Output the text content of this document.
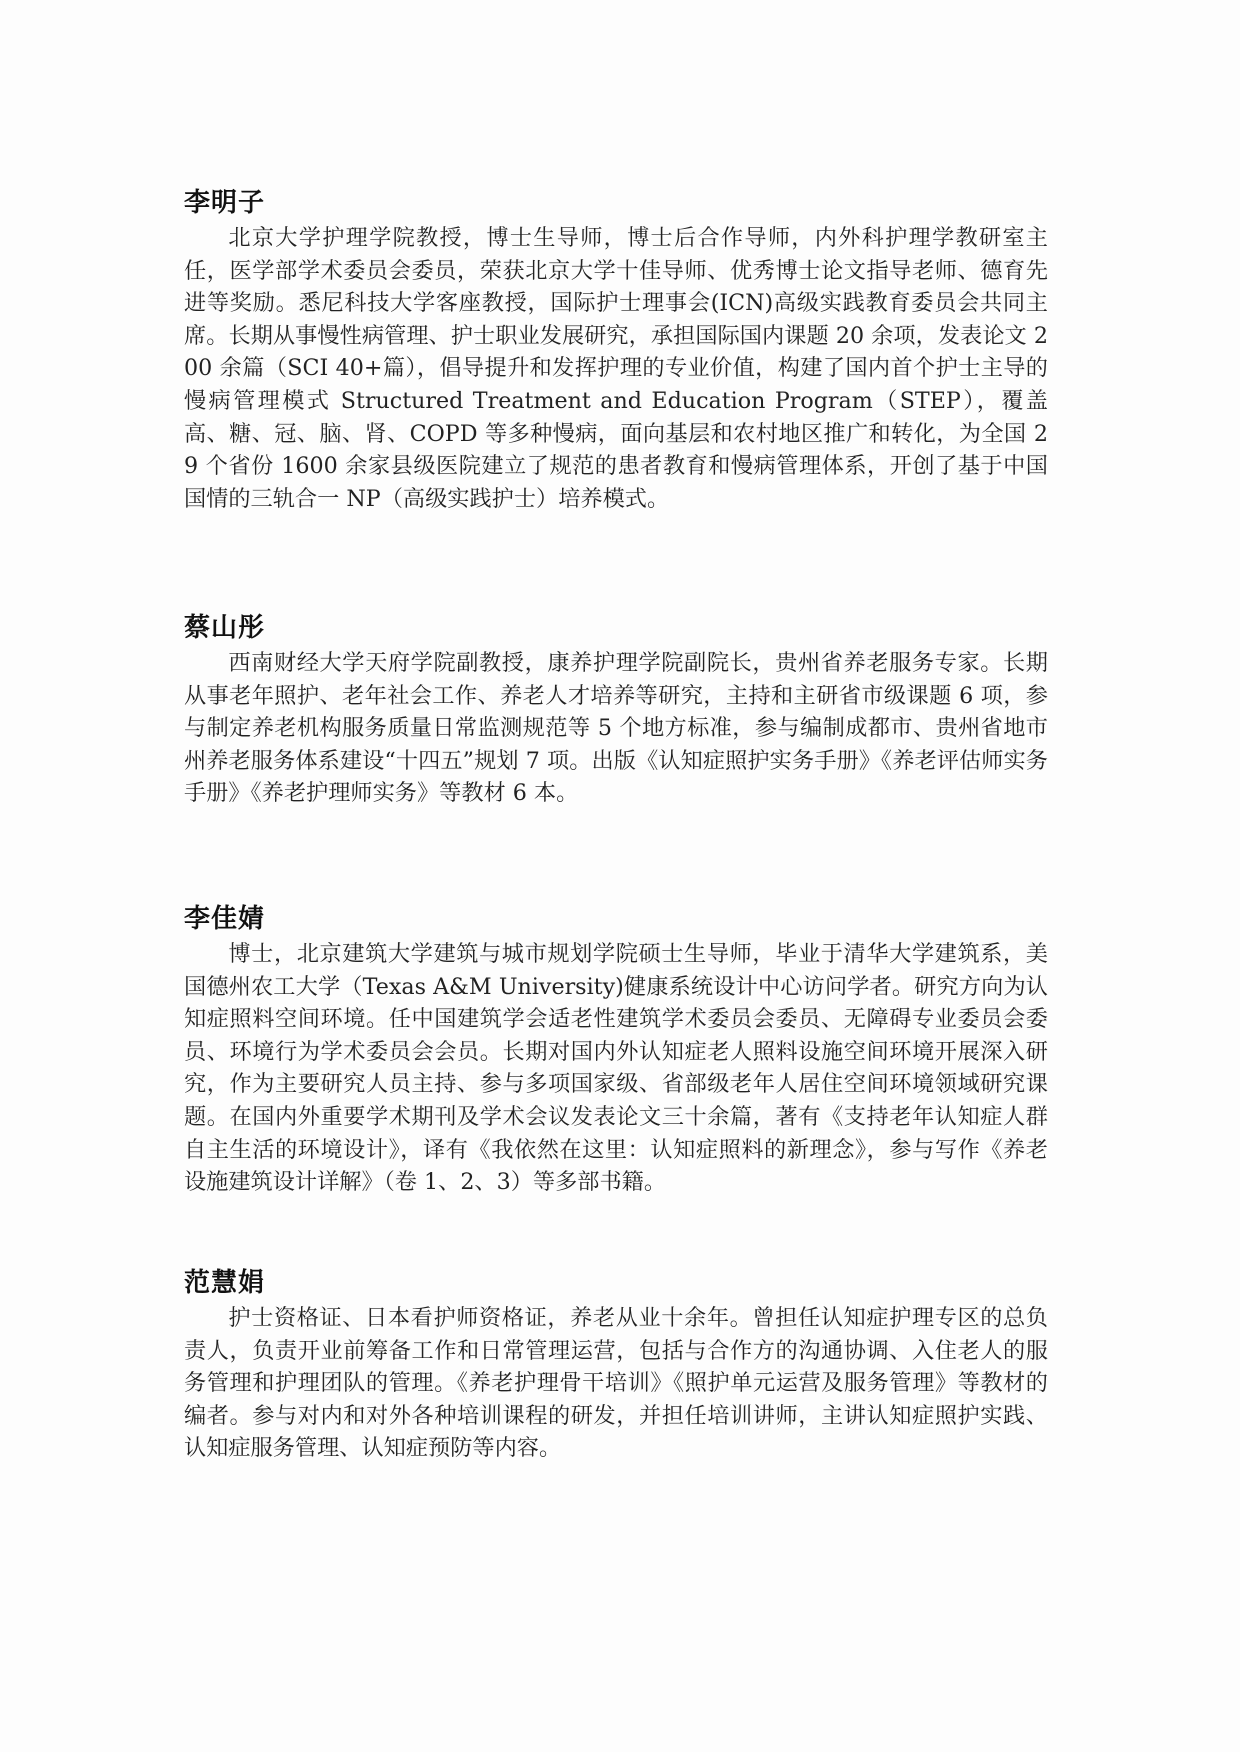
李明子

北京大学护理学院教授，博士生导师，博士后合作导师，内外科护理学教研室主任，医学部学术委员会委员，荣获北京大学十佳导师、优秀博士论文指导老师、德育先进等奖励。悉尼科技大学客座教授，国际护士理事会(ICN)高级实践教育委员会共同主席。长期从事慢性病管理、护士职业发展研究，承担国际国内课题 20 余项，发表论文 200 余篇（SCI 40+篇），倡导提升和发挥护理的专业价值，构建了国内首个护士主导的慢病管理模式 Structured Treatment and Education Program（STEP），覆盖高、糖、冠、脑、肾、COPD 等多种慢病，面向基层和农村地区推广和转化，为全国 29 个省份 1600 余家县级医院建立了规范的患者教育和慢病管理体系，开创了基于中国国情的三轨合一 NP（高级实践护士）培养模式。

蔡山彤

西南财经大学天府学院副教授，康养护理学院副院长，贵州省养老服务专家。长期从事老年照护、老年社会工作、养老人才培养等研究，主持和主研省市级课题 6 项，参与制定养老机构服务质量日常监测规范等 5 个地方标准，参与编制成都市、贵州省地市州养老服务体系建设“十四五”规划 7 项。出版《认知症照护实务手册》《养老评估师实务手册》《养老护理师实务》等教材 6 本。

李佳婧

博士，北京建筑大学建筑与城市规划学院硕士生导师，毕业于清华大学建筑系，美国德州农工大学（Texas A&M University)健康系统设计中心访问学者。研究方向为认知症照料空间环境。任中国建筑学会适老性建筑学术委员会委员、无障碍专业委员会委员、环境行为学术委员会会员。长期对国内外认知症老人照料设施空间环境开展深入研究，作为主要研究人员主持、参与多项国家级、省部级老年人居住空间环境领域研究课题。在国内外重要学术期刊及学术会议发表论文三十余篇，著有《支持老年认知症人群自主生活的环境设计》，译有《我依然在这里：认知症照料的新理念》，参与写作《养老设施建筑设计详解》（卷 1、2、3）等多部书籍。

范慧娟

护士资格证、日本看护师资格证，养老从业十余年。曾担任认知症护理专区的总负责人，负责开业前筹备工作和日常管理运营，包括与合作方的沟通协调、入住老人的服务管理和护理团队的管理。《养老护理骨干培训》《照护单元运营及服务管理》等教材的编者。参与对内和对外各种培训课程的研发，并担任培训讲师，主讲认知症照护实践、认知症服务管理、认知症预防等内容。
